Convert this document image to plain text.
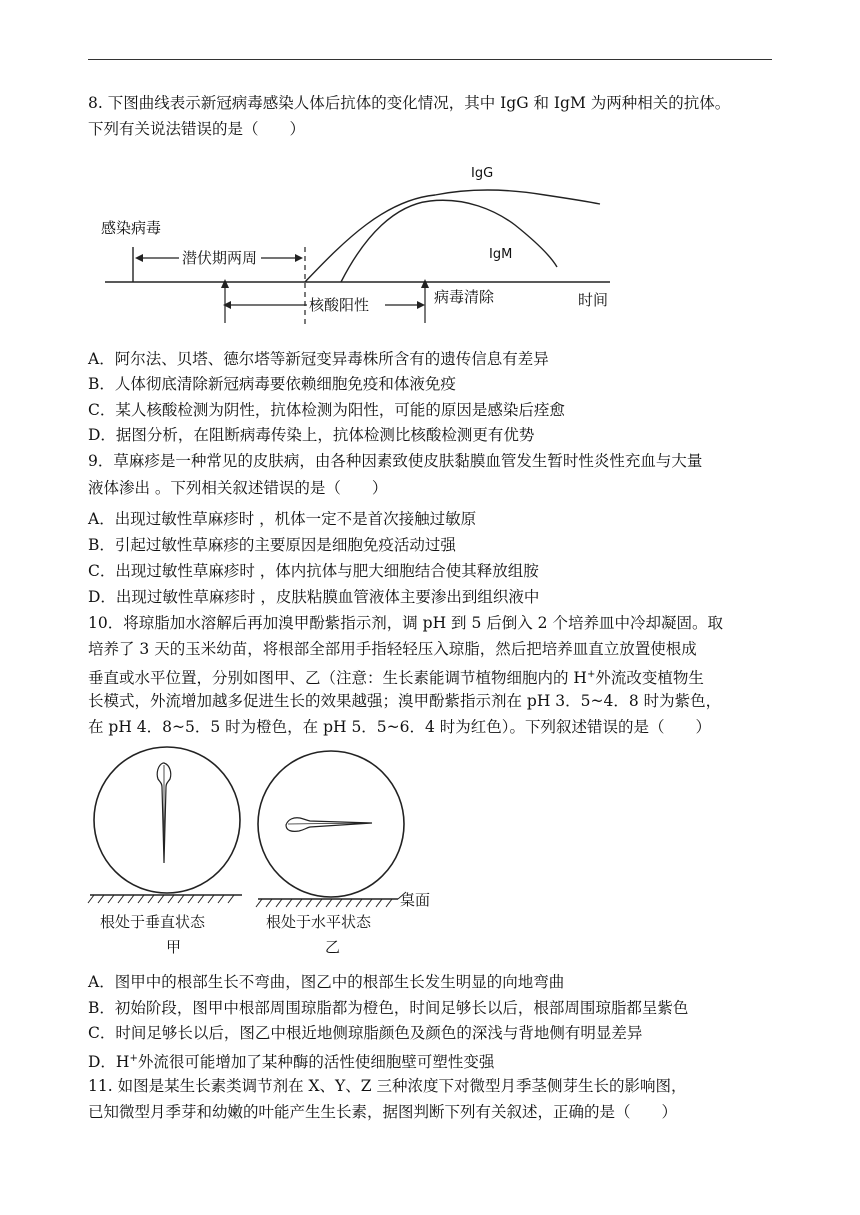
8. 下图曲线表示新冠病毒感染人体后抗体的变化情况，其中 IgG 和 IgM 为两种相关的抗体。
下列有关说法错误的是（　　）
感染病毒
潜伏期两周
IgG
IgM
核酸阳性	病毒清除	时间
A．阿尔法、贝塔、德尔塔等新冠变异毒株所含有的遗传信息有差异
B．人体彻底清除新冠病毒要依赖细胞免疫和体液免疫
C．某人核酸检测为阴性，抗体检测为阳性，可能的原因是感染后痊愈
D．据图分析，在阻断病毒传染上，抗体检测比核酸检测更有优势
9．草麻疹是一种常见的皮肤病，由各种因素致使皮肤黏膜血管发生暂时性炎性充血与大量
液体渗出 。下列相关叙述错误的是（　　）
A．出现过敏性草麻疹时 ，机体一定不是首次接触过敏原
B．引起过敏性草麻疹的主要原因是细胞免疫活动过强
C．出现过敏性草麻疹时 ，体内抗体与肥大细胞结合使其释放组胺
D．出现过敏性草麻疹时 ，皮肤粘膜血管液体主要渗出到组织液中
10．将琼脂加水溶解后再加溴甲酚紫指示剂，调 pH 到 5 后倒入 2 个培养皿中冷却凝固。取
培养了 3 天的玉米幼苗，将根部全部用手指轻轻压入琼脂，然后把培养皿直立放置使根成
垂直或水平位置，分别如图甲、乙（注意：生长素能调节植物细胞内的 H+外流改变植物生
长模式，外流增加越多促进生长的效果越强；溴甲酚紫指示剂在 pH 3．5~4．8 时为紫色，
在 pH 4．8~5．5 时为橙色，在 pH 5．5~6．4 时为红色）。下列叙述错误的是（　　）
桌面
根处于垂直状态
甲
根处于水平状态
乙
A．图甲中的根部生长不弯曲，图乙中的根部生长发生明显的向地弯曲
B．初始阶段，图甲中根部周围琼脂都为橙色，时间足够长以后，根部周围琼脂都呈紫色
C．时间足够长以后，图乙中根近地侧琼脂颜色及颜色的深浅与背地侧有明显差异
D．H+外流很可能增加了某种酶的活性使细胞壁可塑性变强
11. 如图是某生长素类调节剂在 X、Y、Z 三种浓度下对微型月季茎侧芽生长的影响图，
已知微型月季芽和幼嫩的叶能产生生长素，据图判断下列有关叙述，正确的是（　　）
